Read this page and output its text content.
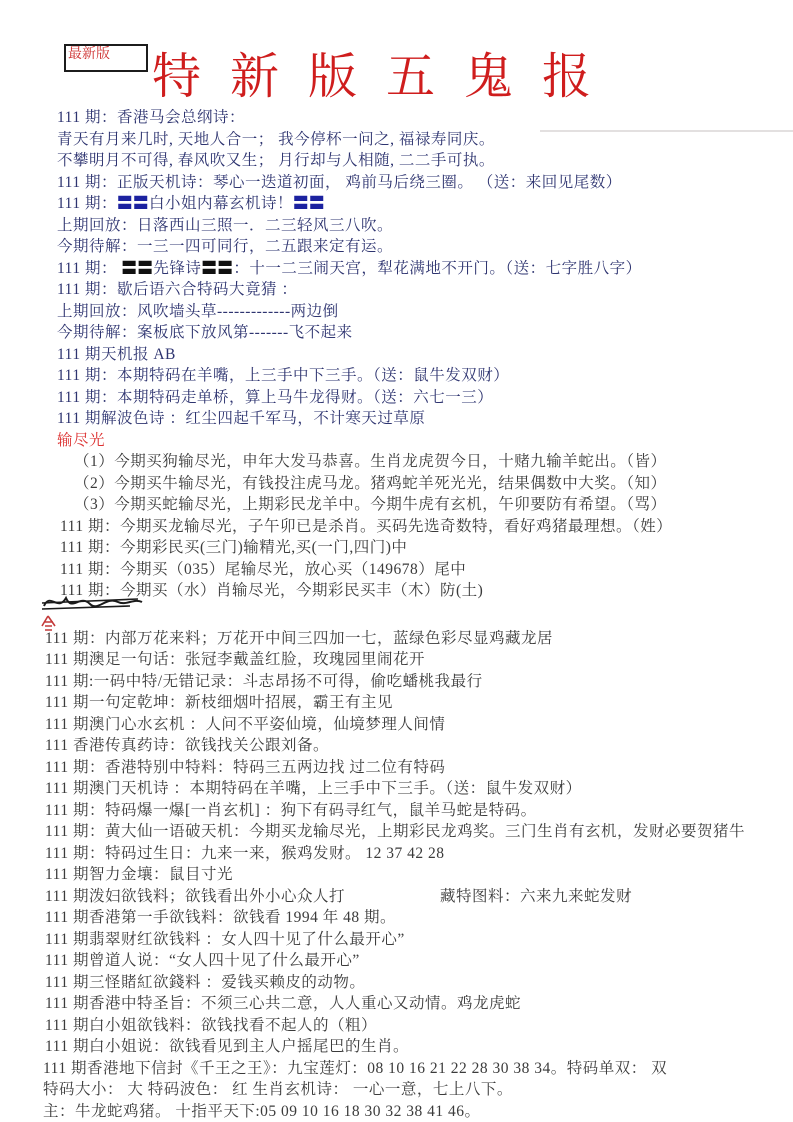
最新版 特新版五鬼报
111 期：香港马会总纲诗：
青天有月来几时, 天地人合一； 我今停杯一问之, 福禄寿同庆。
不攀明月不可得, 春风吹又生； 月行却与人相随, 二二手可执。
111 期：正版天机诗：琴心一迭道初面， 鸡前马后绕三圈。 （送：来回见尾数）
111 期：〓〓白小姐内幕玄机诗！〓〓
上期回放：日落西山三照一．二三轻风三八吹。
今期待解：一三一四可同行，二五跟来定有运。
111 期： 〓〓先锋诗〓〓：十一二三闹天宫，犁花满地不开门。（送：七字胜八字）
111 期：歇后语六合特码大竟猜 ：
上期回放：风吹墙头草-------------两边倒
今期待解：案板底下放风第-------飞不起来
111 期天机报 AB
111 期：本期特码在羊嘴，上三手中下三手。（送：鼠牛发双财）
111 期：本期特码走单桥，算上马牛龙得财。（送：六七一三）
111 期解波色诗 ：红尘四起千军马，不计寒天过草原
输尽光
（1）今期买狗输尽光，申年大发马恭喜。生肖龙虎贺今日，十赌九输羊蛇出。（皆）
（2）今期买牛输尽光，有钱投注虎马龙。猪鸡蛇羊死光光，结果偶数中大奖。（知）
（3）今期买蛇输尽光，上期彩民龙羊中。今期牛虎有玄机，午卯要防有希望。（骂）
111 期：今期买龙输尽光，子午卯已是杀肖。买码先选奇数特，看好鸡猪最理想。（姓）
111 期：今期彩民买(三门)输精光,买(一门,四门)中
111 期：今期买（035）尾输尽光，放心买（149678）尾中
111 期：今期买（水）肖输尽光，今期彩民买丰（木）防(土)
111 期：内部万花来料；万花开中间三四加一七，蓝绿色彩尽显鸡藏龙居
111 期澳足一句话：张冠李戴盖红脸，玫瑰园里闹花开
111 期:一码中特/无错记录：斗志昂扬不可得，偷吃蟠桃我最行
111 期一句定乾坤：新枝细烟叶招展，霸王有主见
111 期澳门心水玄机 ：人问不平姿仙境，仙境梦理人间情
111 香港传真药诗：欲钱找关公跟刘备。
111 期：香港特别中特料：特码三五两边找 过二位有特码
111 期澳门天机诗 ：本期特码在羊嘴，上三手中下三手。（送：鼠牛发双财）
111 期：特码爆一爆[一肖玄机] ：狗下有码寻红气，鼠羊马蛇是特码。
111 期：黄大仙一语破天机：今期买龙输尽光，上期彩民龙鸡奖。三门生肖有玄机，发财必要贺猪牛
111 期：特码过生日：九来一来，猴鸡发财。 12 37 42 28
111 期智力金壤：鼠目寸光
111 期泼妇欲钱料；欲钱看出外小心众人打	藏特图料：六来九来蛇发财
111 期香港第一手欲钱料：欲钱看 1994 年 48 期。
111 期翡翠财红欲钱料 ：女人四十见了什么最开心”
111 期曾道人说：“女人四十见了什么最开心”
111 期三怪賭紅欲錢料 ：爱钱买赖皮的动物。
111 期香港中特圣旨：不须三心共二意，人人重心又动情。鸡龙虎蛇
111 期白小姐欲钱料：欲钱找看不起人的（粗）
111 期白小姐说：欲钱看见到主人户摇尾巴的生肖。
111 期香港地下信封《千王之王》：九宝莲灯：08 10 16 21 22 28 30 38 34。特码单双： 双
特码大小： 大 特码波色： 红 生肖玄机诗： 一心一意，七上八下。
主：牛龙蛇鸡猪。 十指平天下:05 09 10 16 18 30 32 38 41 46。
